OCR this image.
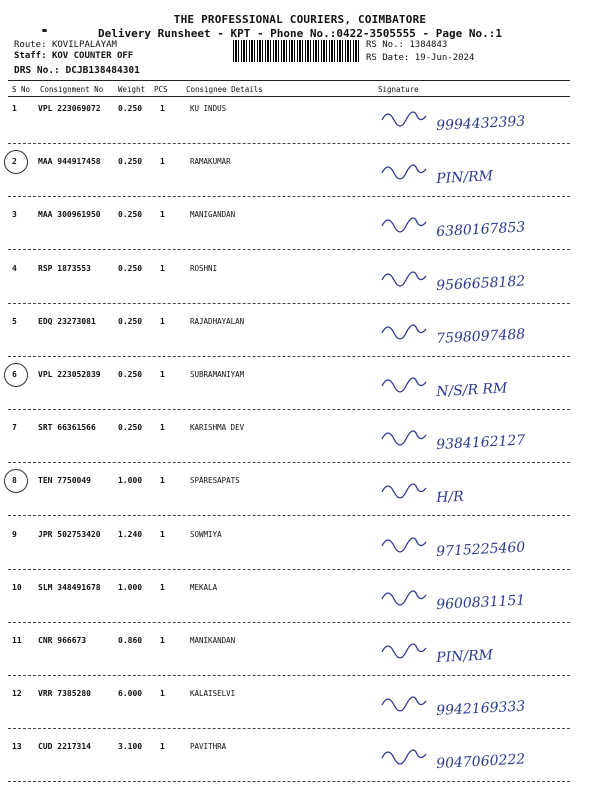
THE PROFESSIONAL COURIERS, COIMBATORE
Delivery Runsheet - KPT - Phone No.:0422-3505555 - Page No.:1
Route: KOVILPALAYAM
Staff: KOV COUNTER OFF
DRS No.: DCJB138484301
RS No.: 1384843
RS Date: 19-Jun-2024
S No Consignment No Weight PCS Consignee Details	Signature
1	VPL 223069072 0.250 1	KU INDUS
9994432393
2	MAA 944917458 0.250 1	RAMAKUMAR
PIN/RM
3	MAA 300961950 0.250 1	MANIGANDAN
6380167853
4	RSP 1873553	0.250 1	ROSHNI
9566658182
5	EDQ 23273081	0.250 1	RAJADHAYALAN
7598097488
6	VPL 223052839 0.250 1	SUBRAMANIYAM
N/S/R RM
7	SRT 66361566	0.250 1	KARISHMA DEV
9384162127
8	TEN 7750049	1.000 1	SPARESAPATS
H/R
9	JPR 502753420 1.240 1	SOWMIYA
9715225460
10 SLM 348491678 1.000 1	MEKALA
9600831151
11 CNR 966673	0.860 1	MANIKANDAN
PIN/RM
12 VRR 7385280	6.000 1	KALAISELVI
9942169333
13 CUD 2217314	3.100 1	PAVITHRA
9047060222
